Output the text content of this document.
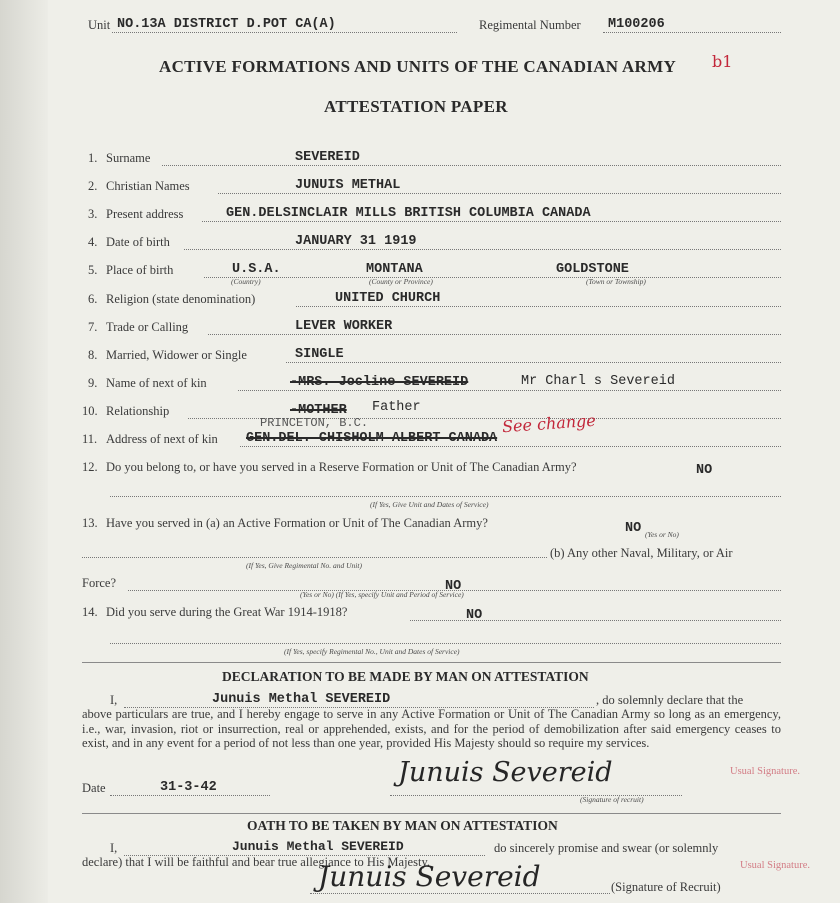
Unit NO.13A DISTRICT D.POT CA(A)	Regimental Number M100206
b1
ACTIVE FORMATIONS AND UNITS OF THE CANADIAN ARMY
ATTESTATION PAPER
1. Surname	SEVEREID
2. Christian Names	JUNUIS METHAL
3. Present address	GEN.DELSINCLAIR MILLS BRITISH COLUMBIA CANADA
4. Date of birth	JANUARY 31 1919
5. Place of birth	U.S.A.	MONTANA	GOLDSTONE
(Country)	(County or Province)	(Town or Township)
6. Religion (state denomination)	UNITED CHURCH
7. Trade or Calling	LEVER WORKER
8. Married, Widower or Single	SINGLE
9. Name of next of kin	-MRS. Jocline SEVEREID	Mr Charl s Severeid
10. Relationship	-MOTHER Father
11. Address of next of kin
PRINCETON, B.C.
GEN.DEL. CHISHOLM ALBERT CANADA
See change
12. Do you belong to, or have you served in a Reserve Formation or Unit of The Canadian Army?	NO
(If Yes, Give Unit and Dates of Service)
13. Have you served in (a) an Active Formation or Unit of The Canadian Army?	NO (Yes or No)
(b) Any other Naval, Military, or Air
(If Yes, Give Regimental No. and Unit)
Force?	NO
(Yes or No) (If Yes, specify Unit and Period of Service)
14. Did you serve during the Great War 1914-1918?	NO
(If Yes, specify Regimental No., Unit and Dates of Service)
DECLARATION TO BE MADE BY MAN ON ATTESTATION
I,	Junuis Methal SEVEREID	, do solemnly declare that the
above particulars are true, and I hereby engage to serve in any Active Formation or Unit of The Canadian Army so long as an emergency, i.e., war, invasion, riot or insurrection, real or apprehended, exists, and for the period of demobilization after said emergency ceases to exist, and in any event for a period of not less than one year, provided His Majesty should so require my services.
Date	31-3-42	Junuis Severeid
(Signature of recruit)
Usual Signature.
OATH TO BE TAKEN BY MAN ON ATTESTATION
I,	Junuis Methal SEVEREID	do sincerely promise and swear (or solemnly
declare) that I will be faithful and bear true allegiance to His Majesty.	Usual Signature.
Junuis Severeid	(Signature of Recruit)
